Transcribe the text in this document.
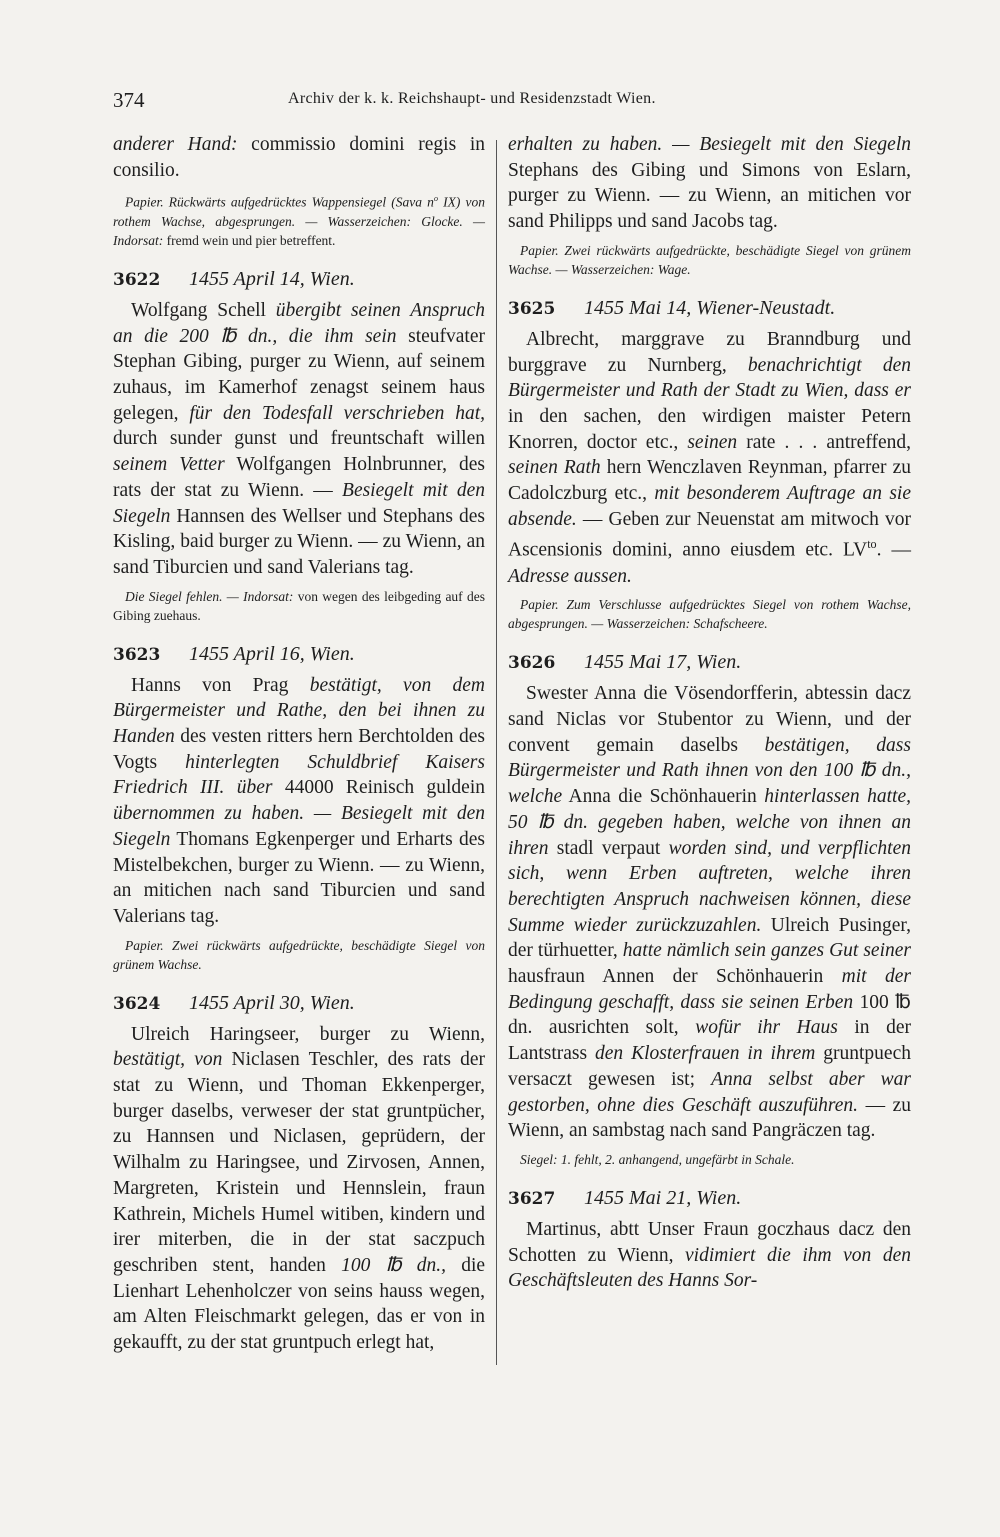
374	Archiv der k. k. Reichshaupt- und Residenzstadt Wien.

anderer Hand: commissio domini regis in consilio.

Papier. Rückwärts aufgedrücktes Wappensiegel (Sava $n^o$ IX) von rothem Wachse, abgesprungen. — Wasserzeichen: Glocke. — Indorsat: fremd wein und pier betreffent.

3622	1455 April 14, Wien.

Wolfgang Schell übergibt seinen Anspruch an die 200 ℔ dn., die ihm sein steufvater Stephan Gibing, purger zu Wienn, auf seinem zuhaus, im Kamerhof zenagst seinem haus gelegen, für den Todesfall verschrieben hat, durch sunder gunst und freuntschaft willen seinem Vetter Wolfgangen Holnbrunner, des rats der stat zu Wienn. — Besiegelt mit den Siegeln Hannsen des Wellser und Stephans des Kisling, baid burger zu Wienn. — zu Wienn, an sand Tiburcien und sand Valerians tag.

Die Siegel fehlen. — Indorsat: von wegen des leibgeding auf des Gibing zuehaus.

3623	1455 April 16, Wien.

Hanns von Prag bestätigt, von dem Bürgermeister und Rathe, den bei ihnen zu Handen des vesten ritters hern Berchtolden des Vogts hinterlegten Schuldbrief Kaisers Friedrich III. über 44000 Reinisch guldein übernommen zu haben. — Besiegelt mit den Siegeln Thomans Egkenperger und Erharts des Mistelbekchen, burger zu Wienn. — zu Wienn, an mitichen nach sand Tiburcien und sand Valerians tag.

Papier. Zwei rückwärts aufgedrückte, beschädigte Siegel von grünem Wachse.

3624	1455 April 30, Wien.

Ulreich Haringseer, burger zu Wienn, bestätigt, von Niclasen Teschler, des rats der stat zu Wienn, und Thoman Ekkenperger, burger daselbs, verweser der stat gruntpücher, zu Hannsen und Niclasen, geprüdern, der Wilhalm zu Haringsee, und Zirvosen, Annen, Margreten, Kristein und Hennslein, fraun Kathrein, Michels Humel witiben, kindern und irer miterben, die in der stat saczpuch geschriben stent, handen 100 ℔ dn., die Lienhart Lehenholczer von seins hauss wegen, am Alten Fleischmarkt gelegen, das er von in gekaufft, zu der stat gruntpuch erlegt hat,

erhalten zu haben. — Besiegelt mit den Siegeln Stephans des Gibing und Simons von Eslarn, purger zu Wienn. — zu Wienn, an mitichen vor sand Philipps und sand Jacobs tag.

Papier. Zwei rückwärts aufgedrückte, beschädigte Siegel von grünem Wachse. — Wasserzeichen: Wage.

3625	1455 Mai 14, Wiener-Neustadt.

Albrecht, marggrave zu Branndburg und burggrave zu Nurnberg, benachrichtigt den Bürgermeister und Rath der Stadt zu Wien, dass er in den sachen, den wirdigen maister Petern Knorren, doctor etc., seinen rate . . . antreffend, seinen Rath hern Wenczlaven Reynman, pfarrer zu Cadolczburg etc., mit besonderem Auftrage an sie absende. — Geben zur Neuenstat am mitwoch vor Ascensionis domini, anno eiusdem etc. $LV^{to}$. — Adresse aussen.

Papier. Zum Verschlusse aufgedrücktes Siegel von rothem Wachse, abgesprungen. — Wasserzeichen: Schafscheere.

3626	1455 Mai 17, Wien.

Swester Anna die Vösendorfferin, abtessin dacz sand Niclas vor Stubentor zu Wienn, und der convent gemain daselbs bestätigen, dass Bürgermeister und Rath ihnen von den 100 ℔ dn., welche Anna die Schönhauerin hinterlassen hatte, 50 ℔ dn. gegeben haben, welche von ihnen an ihren stadl verpaut worden sind, und verpflichten sich, wenn Erben auftreten, welche ihren berechtigten Anspruch nachweisen können, diese Summe wieder zurückzuzahlen. Ulreich Pusinger, der türhuetter, hatte nämlich sein ganzes Gut seiner hausfraun Annen der Schönhauerin mit der Bedingung geschafft, dass sie seinen Erben 100 ℔ dn. ausrichten solt, wofür ihr Haus in der Lantstrass den Klosterfrauen in ihrem gruntpuech versaczt gewesen ist; Anna selbst aber war gestorben, ohne dies Geschäft auszuführen. — zu Wienn, an sambstag nach sand Pangräczen tag.

Siegel: 1. fehlt, 2. anhangend, ungefärbt in Schale.

3627	1455 Mai 21, Wien.

Martinus, abtt Unser Fraun goczhaus dacz den Schotten zu Wienn, vidimiert die ihm von den Geschäftsleuten des Hanns Sor-
